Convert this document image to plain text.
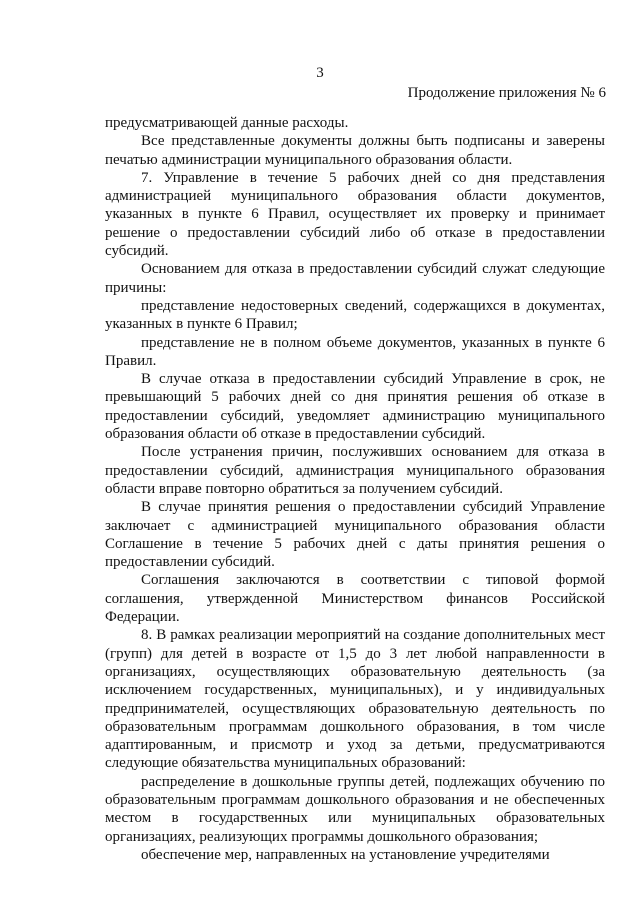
3
Продолжение приложения № 6

предусматривающей данные расходы.

Все представленные документы должны быть подписаны и заверены печатью администрации муниципального образования области.

7. Управление в течение 5 рабочих дней со дня представления администрацией муниципального образования области документов, указанных в пункте 6 Правил, осуществляет их проверку и принимает решение о предоставлении субсидий либо об отказе в предоставлении субсидий.

Основанием для отказа в предоставлении субсидий служат следующие причины:

представление недостоверных сведений, содержащихся в документах, указанных в пункте 6 Правил;

представление не в полном объеме документов, указанных в пункте 6 Правил.

В случае отказа в предоставлении субсидий Управление в срок, не превышающий 5 рабочих дней со дня принятия решения об отказе в предоставлении субсидий, уведомляет администрацию муниципального образования области об отказе в предоставлении субсидий.

После устранения причин, послуживших основанием для отказа в предоставлении субсидий, администрация муниципального образования области вправе повторно обратиться за получением субсидий.

В случае принятия решения о предоставлении субсидий Управление заключает с администрацией муниципального образования области Соглашение в течение 5 рабочих дней с даты принятия решения о предоставлении субсидий.

Соглашения заключаются в соответствии с типовой формой соглашения, утвержденной Министерством финансов Российской Федерации.

8. В рамках реализации мероприятий на создание дополнительных мест (групп) для детей в возрасте от 1,5 до 3 лет любой направленности в организациях, осуществляющих образовательную деятельность (за исключением государственных, муниципальных), и у индивидуальных предпринимателей, осуществляющих образовательную деятельность по образовательным программам дошкольного образования, в том числе адаптированным, и присмотр и уход за детьми, предусматриваются следующие обязательства муниципальных образований:

распределение в дошкольные группы детей, подлежащих обучению по образовательным программам дошкольного образования и не обеспеченных местом в государственных или муниципальных образовательных организациях, реализующих программы дошкольного образования;

обеспечение мер, направленных на установление учредителями
